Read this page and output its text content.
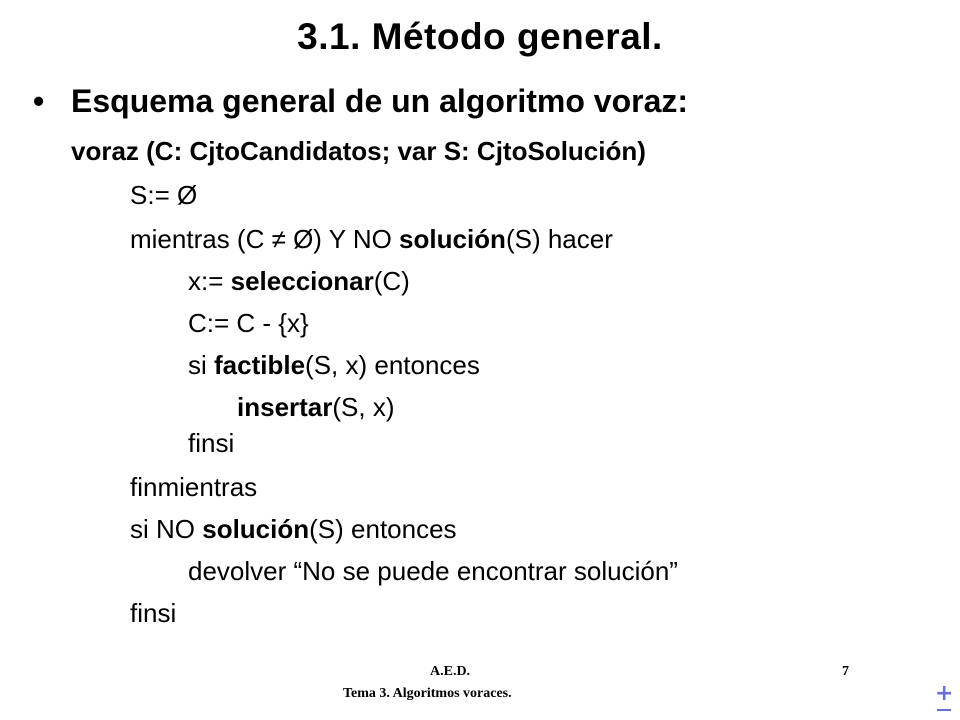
3.1. Método general.
• Esquema general de un algoritmo voraz:
voraz (C: CjtoCandidatos; var S: CjtoSolución)
S:= Ø
mientras (C ≠ Ø) Y NO solución(S) hacer
x:= seleccionar(C)
C:= C - {x}
si factible(S, x) entonces
insertar(S, x)
finsi
finmientras
si NO solución(S) entonces
devolver “No se puede encontrar solución”
finsi
A.E.D.	7
Tema 3. Algoritmos voraces.	+
